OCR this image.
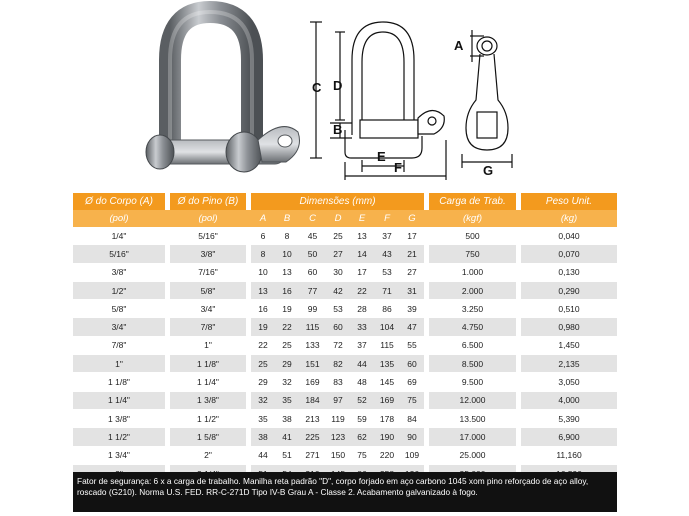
C D
B
E
F
A
G
Ø do Corpo (A)		Ø do Pino (B)		Dimensões (mm)								Carga de Trab.		Peso Unit.
(pol)		(pol)		A	B	C	D	E	F	G		(kgf)		(kg)
1/4"		5/16"		6	8	45	25	13	37	17		500		0,040
5/16"		3/8"		8	10	50	27	14	43	21		750		0,070
3/8"		7/16"		10	13	60	30	17	53	27		1.000		0,130
1/2"		5/8"		13	16	77	42	22	71	31		2.000		0,290
5/8"		3/4"		16	19	99	53	28	86	39		3.250		0,510
3/4"		7/8"		19	22	115	60	33	104	47		4.750		0,980
7/8"		1"		22	25	133	72	37	115	55		6.500		1,450
1"		1 1/8"		25	29	151	82	44	135	60		8.500		2,135
1 1/8"		1 1/4"		29	32	169	83	48	145	69		9.500		3,050
1 1/4"		1 3/8"		32	35	184	97	52	169	75		12.000		4,000
1 3/8"		1 1/2"		35	38	213	119	59	178	84		13.500		5,390
1 1/2"		1 5/8"		38	41	225	123	62	190	90		17.000		6,900
1 3/4"		2"		44	51	271	150	75	220	109		25.000		11,160

Fator de segurança: 6 x a carga de trabalho. Manilha reta padrão "D", corpo forjado em aço carbono 1045 xom pino reforçado de aço alloy, roscado (G210). Norma U.S. FED. RR-C-271D Tipo IV-B Grau A - Classe 2. Acabamento galvanizado à fogo.
